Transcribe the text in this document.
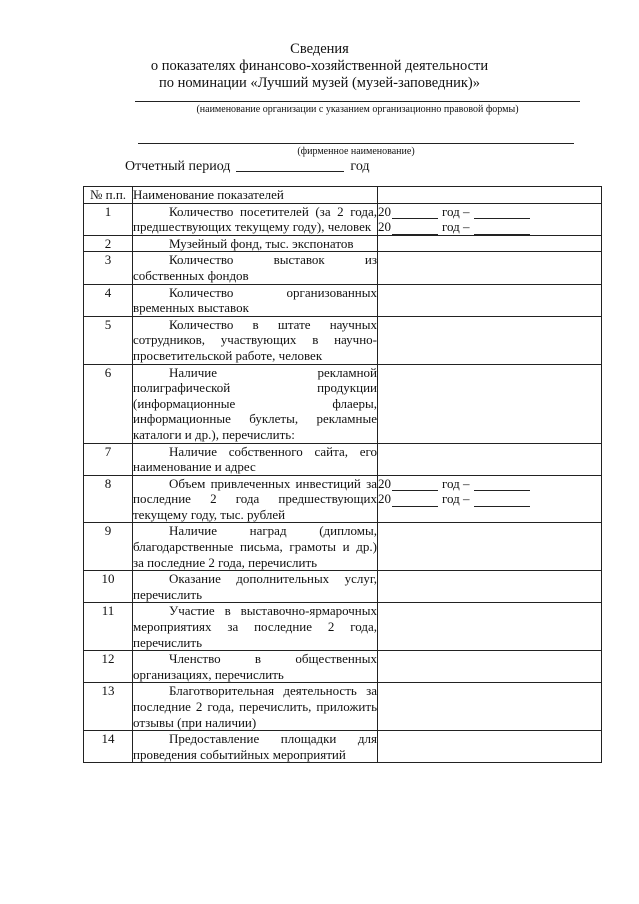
Сведения
о показателях финансово-хозяйственной деятельности
по номинации «Лучший музей (музей-заповедник)»
(наименование организации с указанием организационно правовой формы)
(фирменное наименование)
Отчетный период	год
№ п.п.	Наименование показателей	
1	Количество посетителей (за 2 года, предшествующих текущему году), человек	20 год –
20 год –

2	Музейный фонд, тыс. экспонатов	
3	Количество выставок из собственных фондов	
4	Количество организованных временных выставок	
5	Количество в штате научных сотрудников, участвующих в научно-просветительской работе, человек	
6	Наличие рекламной полиграфической продукции (информационные флаеры, информационные буклеты, рекламные каталоги и др.), перечислить:	
7	Наличие собственного сайта, его наименование и адрес	
8	Объем привлеченных инвестиций за последние 2 года предшествующих текущему году, тыс. рублей	20 год –
20 год –

9	Наличие наград (дипломы, благодарственные письма, грамоты и др.) за последние 2 года, перечислить	
10	Оказание дополнительных услуг, перечислить	
11	Участие в выставочно-ярмарочных мероприятиях за последние 2 года, перечислить	
12	Членство в общественных организациях, перечислить	
13	Благотворительная деятельность за последние 2 года, перечислить, приложить отзывы (при наличии)	
14	Предоставление площадки для проведения событийных мероприятий	
